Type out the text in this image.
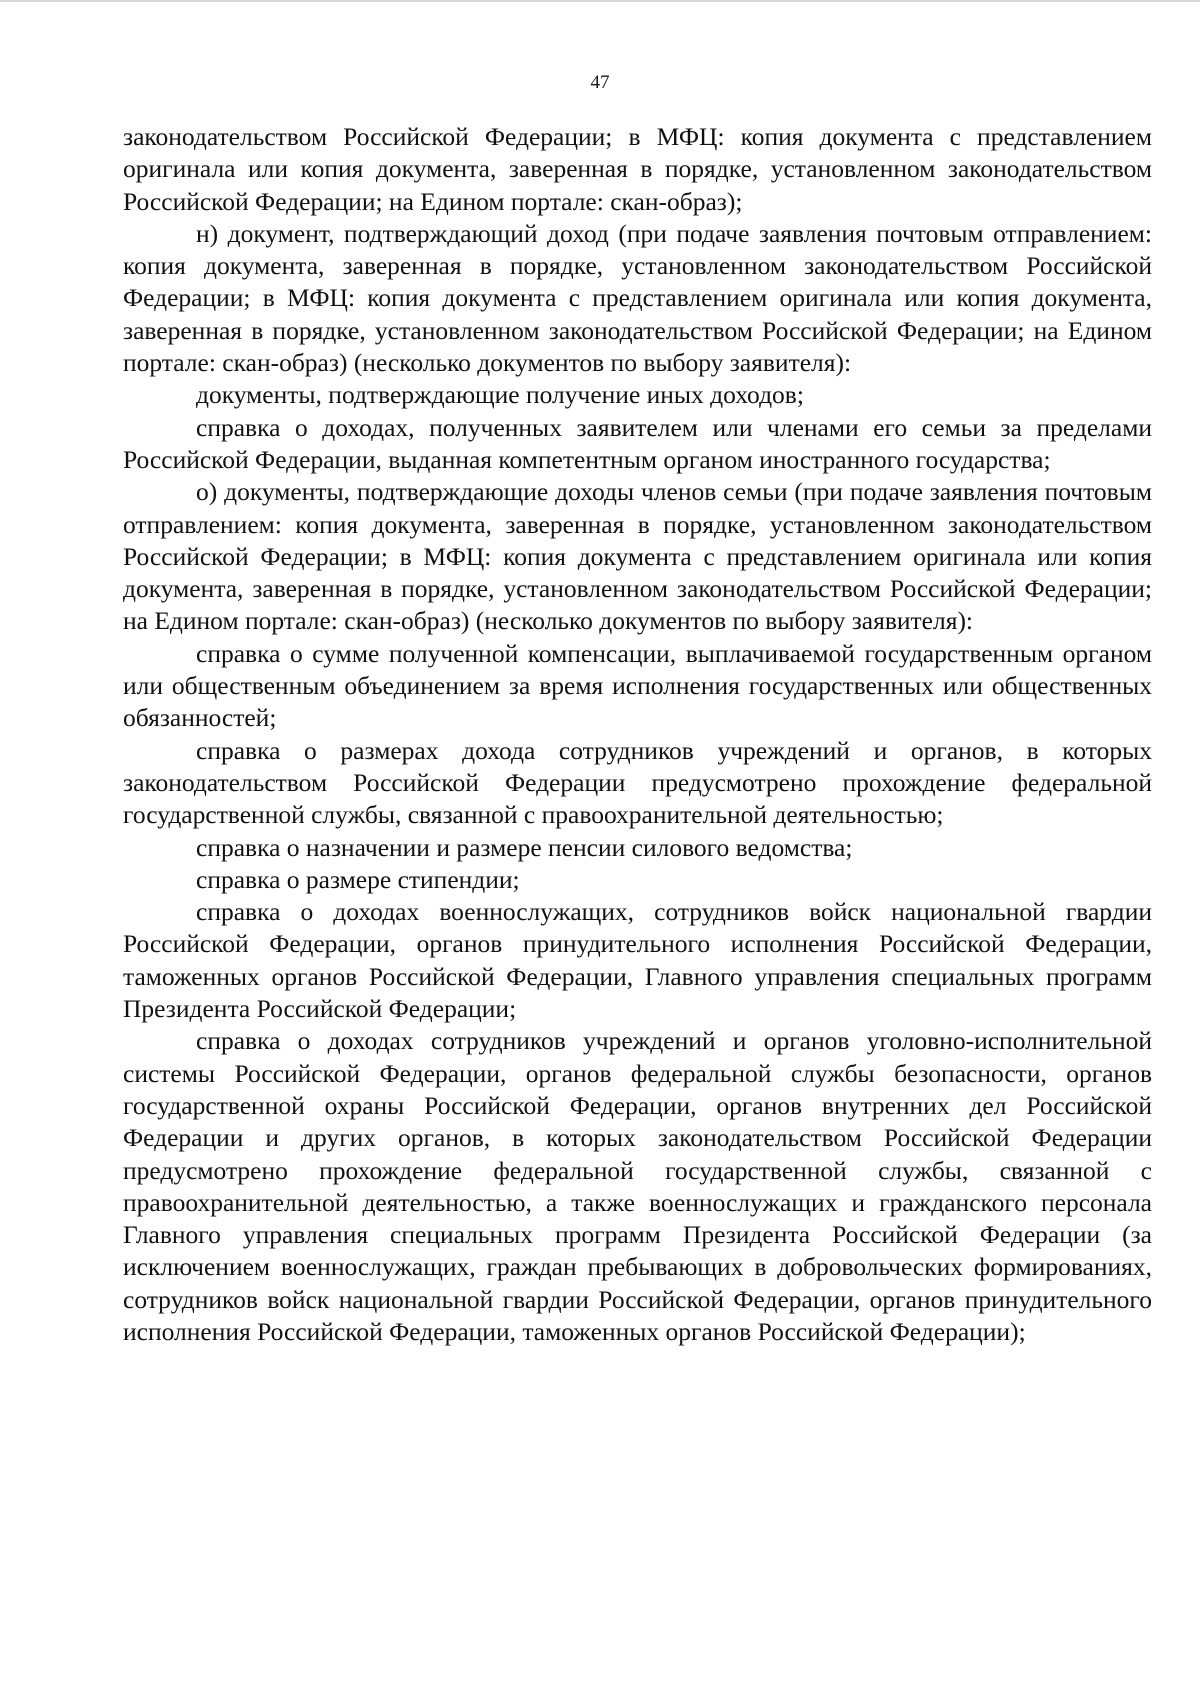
47

законодательством Российской Федерации; в МФЦ: копия документа с представлением оригинала или копия документа, заверенная в порядке, установленном законодательством Российской Федерации; на Едином портале: скан-образ);

н) документ, подтверждающий доход (при подаче заявления почтовым отправлением: копия документа, заверенная в порядке, установленном законодательством Российской Федерации; в МФЦ: копия документа с представлением оригинала или копия документа, заверенная в порядке, установленном законодательством Российской Федерации; на Едином портале: скан-образ) (несколько документов по выбору заявителя):

документы, подтверждающие получение иных доходов;

справка о доходах, полученных заявителем или членами его семьи за пределами Российской Федерации, выданная компетентным органом иностранного государства;

о) документы, подтверждающие доходы членов семьи (при подаче заявления почтовым отправлением: копия документа, заверенная в порядке, установленном законодательством Российской Федерации; в МФЦ: копия документа с представлением оригинала или копия документа, заверенная в порядке, установленном законодательством Российской Федерации; на Едином портале: скан-образ) (несколько документов по выбору заявителя):

справка о сумме полученной компенсации, выплачиваемой государственным органом или общественным объединением за время исполнения государственных или общественных обязанностей;

справка о размерах дохода сотрудников учреждений и органов, в которых законодательством Российской Федерации предусмотрено прохождение федеральной государственной службы, связанной с правоохранительной деятельностью;

справка о назначении и размере пенсии силового ведомства;

справка о размере стипендии;

справка о доходах военнослужащих, сотрудников войск национальной гвардии Российской Федерации, органов принудительного исполнения Российской Федерации, таможенных органов Российской Федерации, Главного управления специальных программ Президента Российской Федерации;

справка о доходах сотрудников учреждений и органов уголовно-исполнительной системы Российской Федерации, органов федеральной службы безопасности, органов государственной охраны Российской Федерации, органов внутренних дел Российской Федерации и других органов, в которых законодательством Российской Федерации предусмотрено прохождение федеральной государственной службы, связанной с правоохранительной деятельностью, а также военнослужащих и гражданского персонала Главного управления специальных программ Президента Российской Федерации (за исключением военнослужащих, граждан пребывающих в добровольческих формированиях, сотрудников войск национальной гвардии Российской Федерации, органов принудительного исполнения Российской Федерации, таможенных органов Российской Федерации);
